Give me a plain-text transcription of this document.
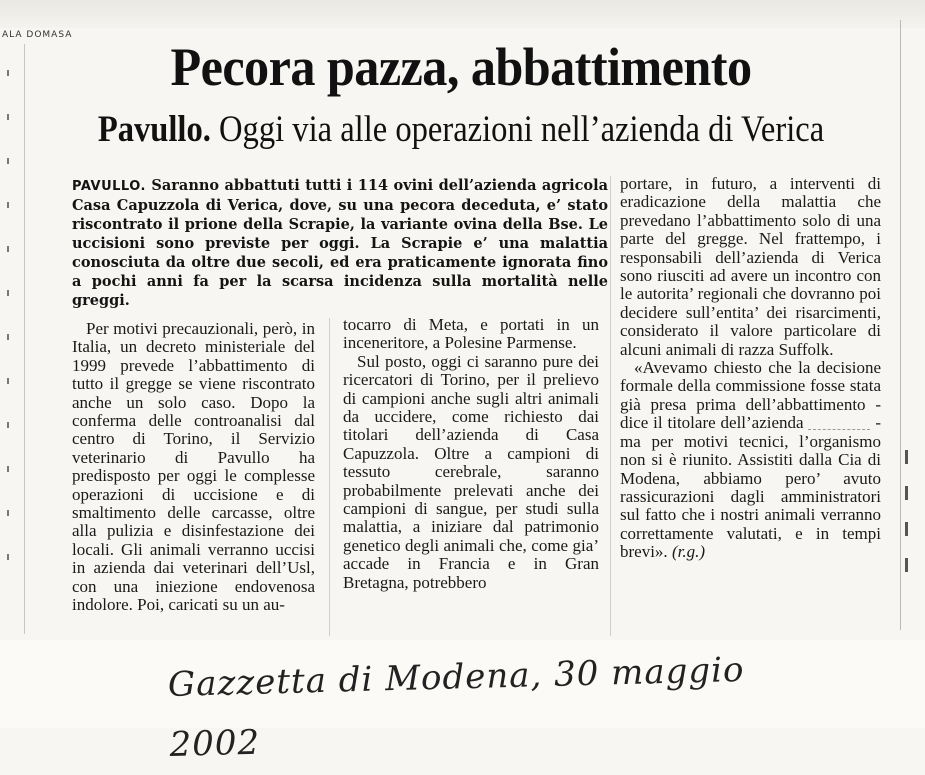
ALA DOMASA
Pecora pazza, abbattimento
Pavullo. Oggi via alle operazioni nell’azienda di Verica
PAVULLO. Saranno abbattuti tutti i 114 ovini dell’azienda agricola Casa Capuzzola di Verica, dove, su una pecora deceduta, e’ stato riscontrato il prione della Scrapie, la variante ovina della Bse. Le uccisioni sono previste per oggi. La Scrapie e’ una malattia conosciuta da oltre due secoli, ed era praticamente ignorata fino a pochi anni fa per la scarsa incidenza sulla mortalità nelle greggi.

Per motivi precauzionali, però, in Italia, un decreto ministeriale del 1999 prevede l’abbattimento di tutto il gregge se viene riscontrato anche un solo caso. Dopo la conferma delle controanalisi dal centro di Torino, il Servizio veterinario di Pavullo ha predisposto per oggi le complesse operazioni di uccisione e di smaltimento delle carcasse, oltre alla pulizia e disinfestazione dei locali. Gli animali verranno uccisi in azienda dai veterinari dell’Usl, con una iniezione endovenosa indolore. Poi, caricati su un au-

tocarro di Meta, e portati in un inceneritore, a Polesine Parmense.

Sul posto, oggi ci saranno pure dei ricercatori di Torino, per il prelievo di campioni anche sugli altri animali da uccidere, come richiesto dai titolari dell’azienda di Casa Capuzzola. Oltre a campioni di tessuto cerebrale, saranno probabilmente prelevati anche dei campioni di sangue, per studi sulla malattia, a iniziare dal patrimonio genetico degli animali che, come gia’ accade in Francia e in Gran Bretagna, potrebbero

portare, in futuro, a interventi di eradicazione della malattia che prevedano l’abbattimento solo di una parte del gregge. Nel frattempo, i responsabili dell’azienda di Verica sono riusciti ad avere un incontro con le autorita’ regionali che dovranno poi decidere sull’entita’ dei risarcimenti, considerato il valore particolare di alcuni animali di razza Suffolk.

«Avevamo chiesto che la decisione formale della commissione fosse stata già presa prima dell’abbattimento - dice il titolare dell’azienda	- ma per motivi tecnici, l’organismo non si è riunito. Assistiti dalla Cia di Modena, abbiamo pero’ avuto rassicurazioni dagli amministratori sul fatto che i nostri animali verranno correttamente valutati, e in tempi brevi». (r.g.)

Gazzetta di Modena, 30 maggio 2002
